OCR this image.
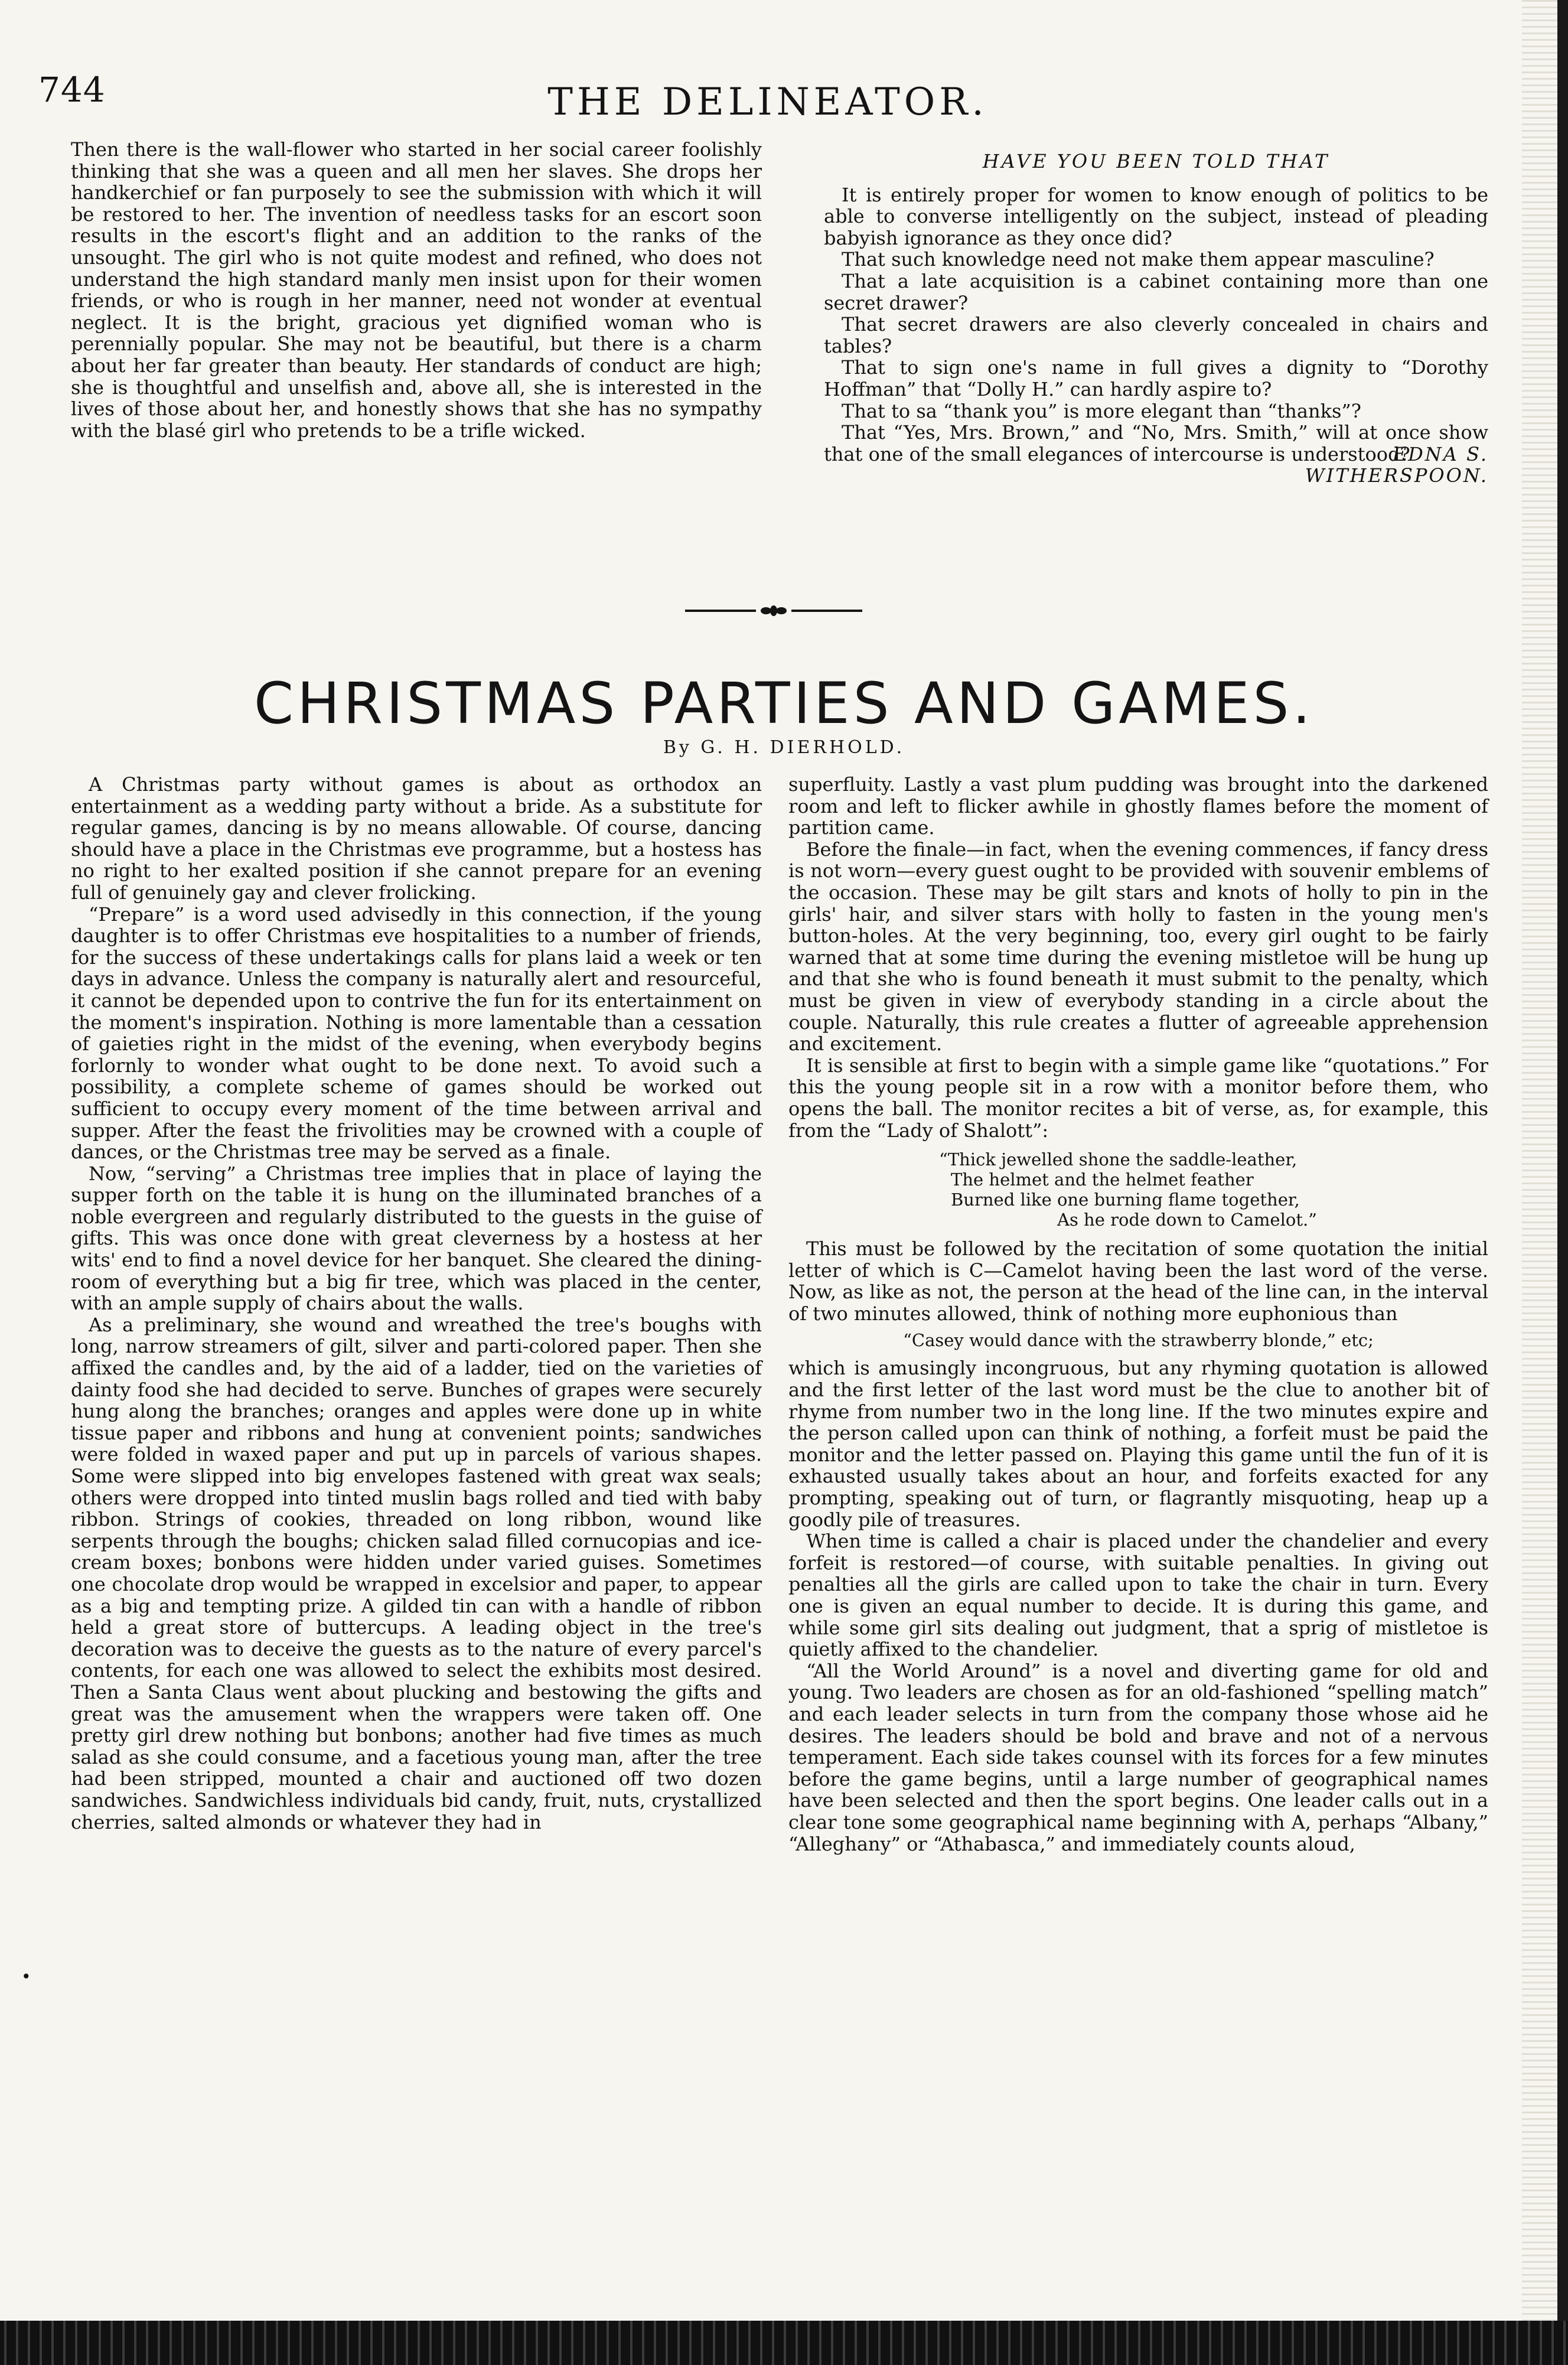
744	THE DELINEATOR.

Then there is the wall-flower who started in her social career foolishly thinking that she was a queen and all men her slaves. She drops her handkerchief or fan purposely to see the submission with which it will be restored to her. The invention of needless tasks for an escort soon results in the escort's flight and an addition to the ranks of the unsought. The girl who is not quite modest and refined, who does not understand the high standard manly men insist upon for their women friends, or who is rough in her manner, need not wonder at eventual neglect. It is the bright, gracious yet dignified woman who is perennially popular. She may not be beautiful, but there is a charm about her far greater than beauty. Her standards of conduct are high; she is thoughtful and unselfish and, above all, she is interested in the lives of those about her, and honestly shows that she has no sympathy with the blasé girl who pretends to be a trifle wicked.

HAVE YOU BEEN TOLD THAT

It is entirely proper for women to know enough of politics to be able to converse intelligently on the subject, instead of pleading babyish ignorance as they once did?

That such knowledge need not make them appear masculine?

That a late acquisition is a cabinet containing more than one secret drawer?

That secret drawers are also cleverly concealed in chairs and tables?

That to sign one's name in full gives a dignity to “Dorothy Hoffman” that “Dolly H.” can hardly aspire to?

That to sa “thank you” is more elegant than “thanks”?

That “Yes, Mrs. Brown,” and “No, Mrs. Smith,” will at once show that one of the small elegances of intercourse is understood?

EDNA S. WITHERSPOON.
CHRISTMAS PARTIES AND GAMES.
By G. H. DIERHOLD.

A Christmas party without games is about as orthodox an entertainment as a wedding party without a bride. As a substitute for regular games, dancing is by no means allowable. Of course, dancing should have a place in the Christmas eve programme, but a hostess has no right to her exalted position if she cannot prepare for an evening full of genuinely gay and clever frolicking.

“Prepare” is a word used advisedly in this connection, if the young daughter is to offer Christmas eve hospitalities to a number of friends, for the success of these undertakings calls for plans laid a week or ten days in advance. Unless the company is naturally alert and resourceful, it cannot be depended upon to contrive the fun for its entertainment on the moment's inspiration. Nothing is more lamentable than a cessation of gaieties right in the midst of the evening, when everybody begins forlornly to wonder what ought to be done next. To avoid such a possibility, a complete scheme of games should be worked out sufficient to occupy every moment of the time between arrival and supper. After the feast the frivolities may be crowned with a couple of dances, or the Christmas tree may be served as a finale.

Now, “serving” a Christmas tree implies that in place of laying the supper forth on the table it is hung on the illuminated branches of a noble evergreen and regularly distributed to the guests in the guise of gifts. This was once done with great cleverness by a hostess at her wits' end to find a novel device for her banquet. She cleared the dining-room of everything but a big fir tree, which was placed in the center, with an ample supply of chairs about the walls.

As a preliminary, she wound and wreathed the tree's boughs with long, narrow streamers of gilt, silver and parti-colored paper. Then she affixed the candles and, by the aid of a ladder, tied on the varieties of dainty food she had decided to serve. Bunches of grapes were securely hung along the branches; oranges and apples were done up in white tissue paper and ribbons and hung at convenient points; sandwiches were folded in waxed paper and put up in parcels of various shapes. Some were slipped into big envelopes fastened with great wax seals; others were dropped into tinted muslin bags rolled and tied with baby ribbon. Strings of cookies, threaded on long ribbon, wound like serpents through the boughs; chicken salad filled cornucopias and ice-cream boxes; bonbons were hidden under varied guises. Sometimes one chocolate drop would be wrapped in excelsior and paper, to appear as a big and tempting prize. A gilded tin can with a handle of ribbon held a great store of buttercups. A leading object in the tree's decoration was to deceive the guests as to the nature of every parcel's contents, for each one was allowed to select the exhibits most desired. Then a Santa Claus went about plucking and bestowing the gifts and great was the amusement when the wrappers were taken off. One pretty girl drew nothing but bonbons; another had five times as much salad as she could consume, and a facetious young man, after the tree had been stripped, mounted a chair and auctioned off two dozen sandwiches. Sandwichless individuals bid candy, fruit, nuts, crystallized cherries, salted almonds or whatever they had in

superfluity. Lastly a vast plum pudding was brought into the darkened room and left to flicker awhile in ghostly flames before the moment of partition came.

Before the finale—in fact, when the evening commences, if fancy dress is not worn—every guest ought to be provided with souvenir emblems of the occasion. These may be gilt stars and knots of holly to pin in the girls' hair, and silver stars with holly to fasten in the young men's button-holes. At the very beginning, too, every girl ought to be fairly warned that at some time during the evening mistletoe will be hung up and that she who is found beneath it must submit to the penalty, which must be given in view of everybody standing in a circle about the couple. Naturally, this rule creates a flutter of agreeable apprehension and excitement.

It is sensible at first to begin with a simple game like “quotations.” For this the young people sit in a row with a monitor before them, who opens the ball. The monitor recites a bit of verse, as, for example, this from the “Lady of Shalott”:

“Thick jewelled shone the saddle-leather,
The helmet and the helmet feather
Burned like one burning flame together,
As he rode down to Camelot.”

This must be followed by the recitation of some quotation the initial letter of which is C—Camelot having been the last word of the verse. Now, as like as not, the person at the head of the line can, in the interval of two minutes allowed, think of nothing more euphonious than

“Casey would dance with the strawberry blonde,” etc;

which is amusingly incongruous, but any rhyming quotation is allowed and the first letter of the last word must be the clue to another bit of rhyme from number two in the long line. If the two minutes expire and the person called upon can think of nothing, a forfeit must be paid the monitor and the letter passed on. Playing this game until the fun of it is exhausted usually takes about an hour, and forfeits exacted for any prompting, speaking out of turn, or flagrantly misquoting, heap up a goodly pile of treasures.

When time is called a chair is placed under the chandelier and every forfeit is restored—of course, with suitable penalties. In giving out penalties all the girls are called upon to take the chair in turn. Every one is given an equal number to decide. It is during this game, and while some girl sits dealing out judgment, that a sprig of mistletoe is quietly affixed to the chandelier.

“All the World Around” is a novel and diverting game for old and young. Two leaders are chosen as for an old-fashioned “spelling match” and each leader selects in turn from the company those whose aid he desires. The leaders should be bold and brave and not of a nervous temperament. Each side takes counsel with its forces for a few minutes before the game begins, until a large number of geographical names have been selected and then the sport begins. One leader calls out in a clear tone some geographical name beginning with A, perhaps “Albany,” “Alleghany” or “Athabasca,” and immediately counts aloud,

•
